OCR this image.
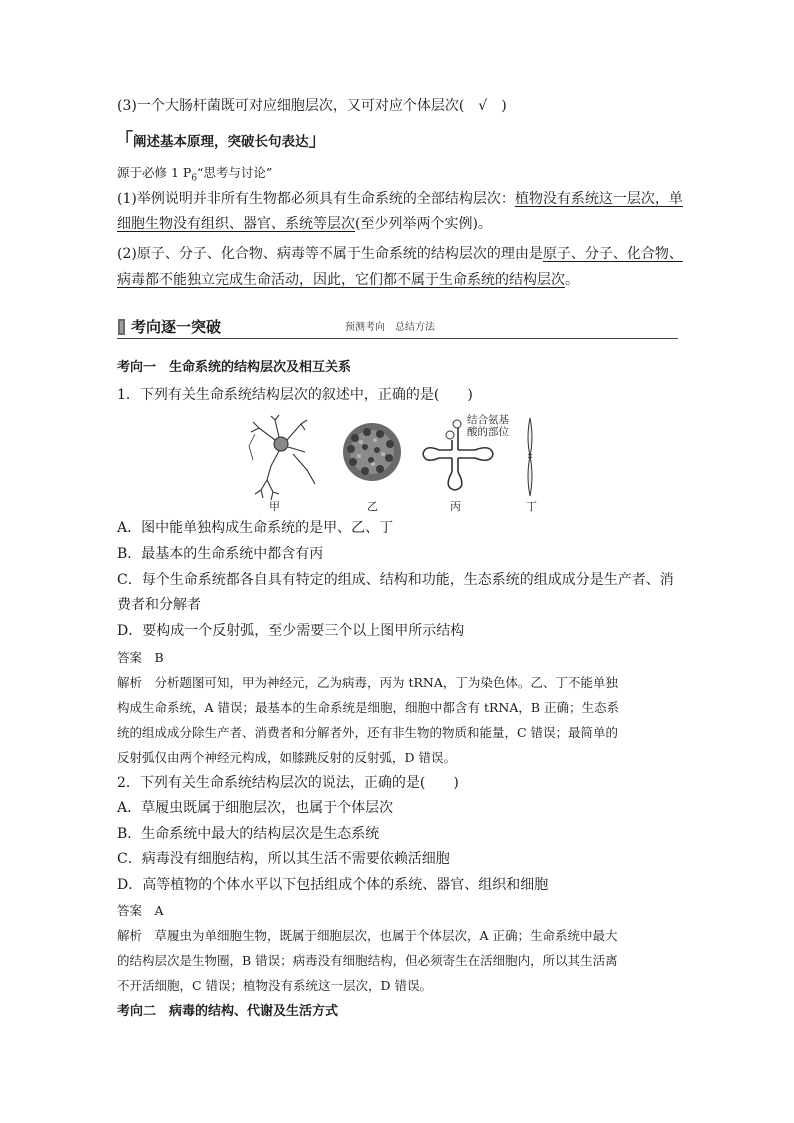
(3)一个大肠杆菌既可对应细胞层次，又可对应个体层次(　√　)
「阐述基本原理，突破长句表达」
源于必修 1 $P_6“$思考与讨论”
(1)举例说明并非所有生物都必须具有生命系统的全部结构层次：植物没有系统这一层次，单
细胞生物没有组织、器官、系统等层次(至少列举两个实例)。
(2)原子、分子、化合物、病毒等不属于生命系统的结构层次的理由是原子、分子、化合物、
病毒都不能独立完成生命活动，因此，它们都不属于生命系统的结构层次。
考向逐一突破	预测考向　总结方法
考向一　生命系统的结构层次及相互关系
1．下列有关生命系统结构层次的叙述中，正确的是(　　)
甲	乙	丙	丁
结合氨基
酸的部位
A．图中能单独构成生命系统的是甲、乙、丁
B．最基本的生命系统中都含有丙
C．每个生命系统都各自具有特定的组成、结构和功能，生态系统的组成成分是生产者、消
费者和分解者
D．要构成一个反射弧，至少需要三个以上图甲所示结构
答案　B
解析　分析题图可知，甲为神经元，乙为病毒，丙为 tRNA，丁为染色体。乙、丁不能单独
构成生命系统，A 错误；最基本的生命系统是细胞，细胞中都含有 tRNA，B 正确；生态系
统的组成成分除生产者、消费者和分解者外，还有非生物的物质和能量，C 错误；最简单的
反射弧仅由两个神经元构成，如膝跳反射的反射弧，D 错误。
2．下列有关生命系统结构层次的说法，正确的是(　　)
A．草履虫既属于细胞层次，也属于个体层次
B．生命系统中最大的结构层次是生态系统
C．病毒没有细胞结构，所以其生活不需要依赖活细胞
D．高等植物的个体水平以下包括组成个体的系统、器官、组织和细胞
答案　A
解析　草履虫为单细胞生物，既属于细胞层次，也属于个体层次，A 正确；生命系统中最大
的结构层次是生物圈，B 错误；病毒没有细胞结构，但必须寄生在活细胞内，所以其生活离
不开活细胞，C 错误；植物没有系统这一层次，D 错误。
考向二　病毒的结构、代谢及生活方式
